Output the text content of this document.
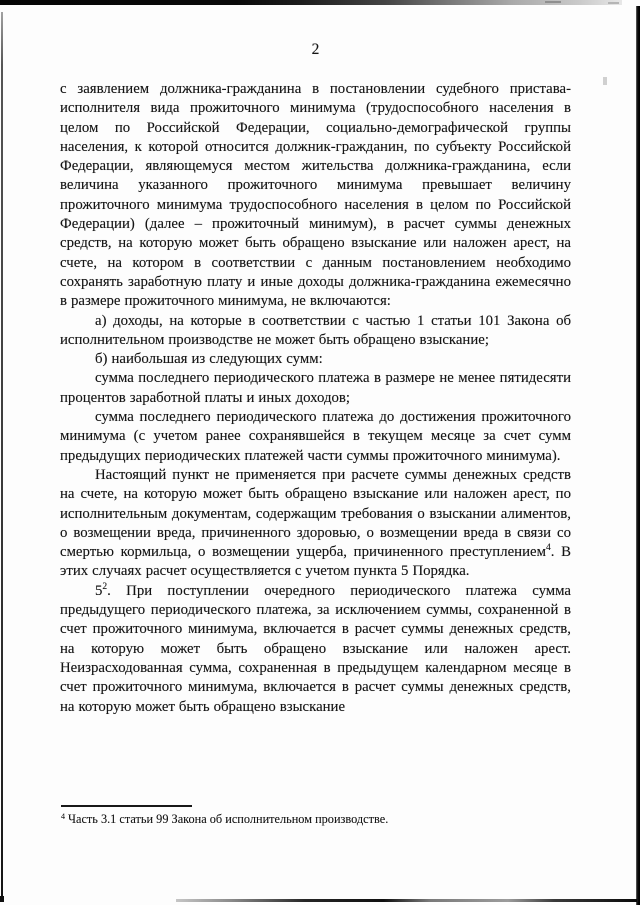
2

с заявлением должника-гражданина в постановлении судебного пристава-исполнителя вида прожиточного минимума (трудоспособного населения в целом по Российской Федерации, социально-демографической группы населения, к которой относится должник-гражданин, по субъекту Российской Федерации, являющемуся местом жительства должника-гражданина, если величина указанного прожиточного минимума превышает величину прожиточного минимума трудоспособного населения в целом по Российской Федерации) (далее – прожиточный минимум), в расчет суммы денежных средств, на которую может быть обращено взыскание или наложен арест, на счете, на котором в соответствии с данным постановлением необходимо сохранять заработную плату и иные доходы должника-гражданина ежемесячно в размере прожиточного минимума, не включаются:

а) доходы, на которые в соответствии с частью 1 статьи 101 Закона об исполнительном производстве не может быть обращено взыскание;

б) наибольшая из следующих сумм:

сумма последнего периодического платежа в размере не менее пятидесяти процентов заработной платы и иных доходов;

сумма последнего периодического платежа до достижения прожиточного минимума (с учетом ранее сохранявшейся в текущем месяце за счет сумм предыдущих периодических платежей части суммы прожиточного минимума).

Настоящий пункт не применяется при расчете суммы денежных средств на счете, на которую может быть обращено взыскание или наложен арест, по исполнительным документам, содержащим требования о взыскании алиментов, о возмещении вреда, причиненного здоровью, о возмещении вреда в связи со смертью кормильца, о возмещении ущерба, причиненного преступлением$^4$. В этих случаях расчет осуществляется с учетом пункта 5 Порядка.

$5^2$. При поступлении очередного периодического платежа сумма предыдущего периодического платежа, за исключением суммы, сохраненной в счет прожиточного минимума, включается в расчет суммы денежных средств, на которую может быть обращено взыскание или наложен арест. Неизрасходованная сумма, сохраненная в предыдущем календарном месяце в счет прожиточного минимума, включается в расчет суммы денежных средств, на которую может быть обращено взыскание

$^4$ Часть 3.1 статьи 99 Закона об исполнительном производстве.
